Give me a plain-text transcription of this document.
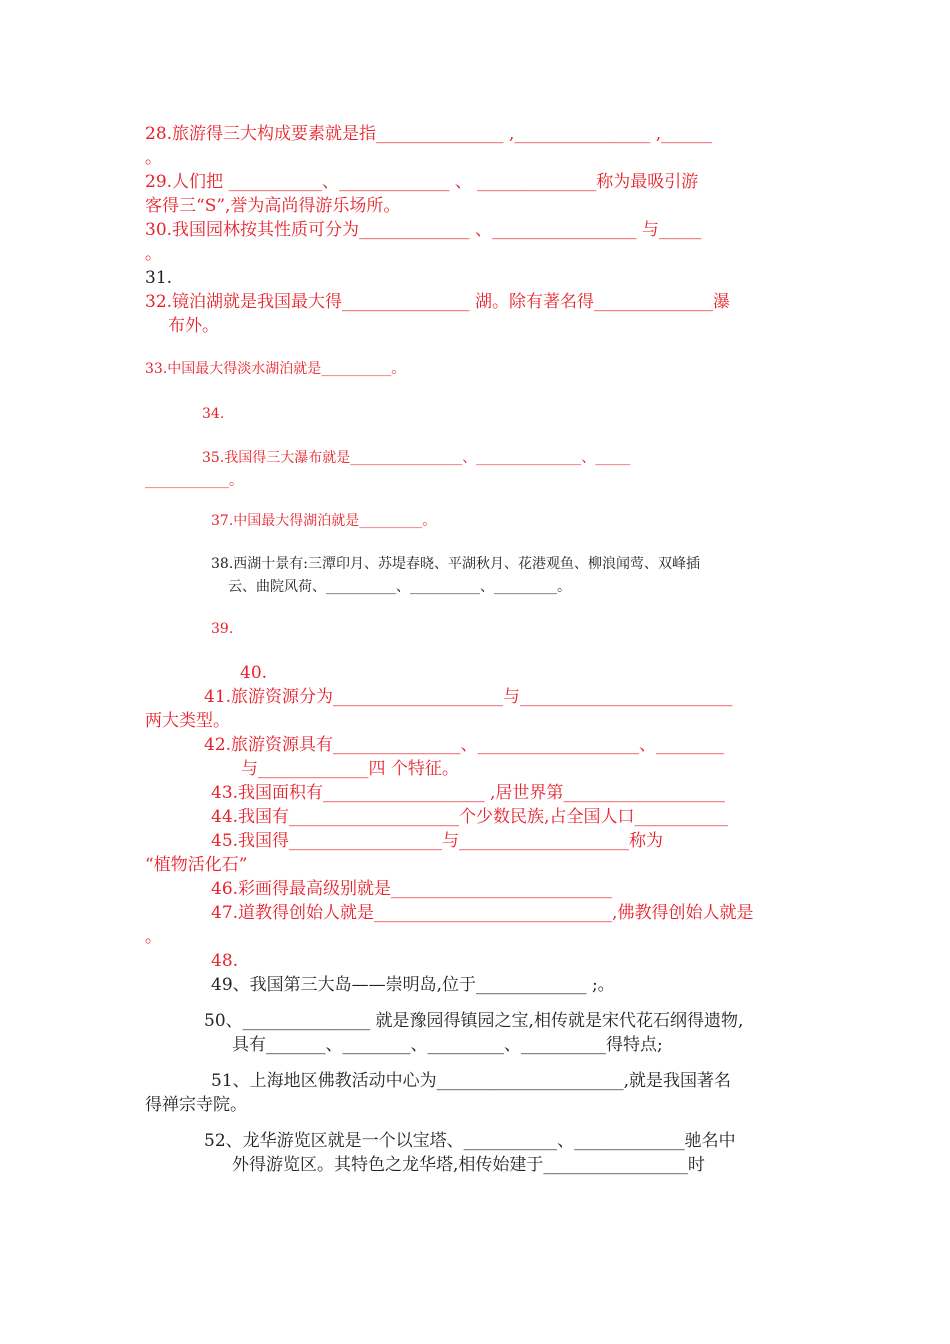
28.旅游得三大构成要素就是指_______________ ,________________ ,______
。
29.人们把 ___________、_____________ 、 ______________称为最吸引游
客得三“S”,誉为高尚得游乐场所。
30.我国园林按其性质可分为_____________ 、_________________ 与_____
。
31.
32.镜泊湖就是我国最大得_______________ 湖。除有著名得______________瀑
布外。
33.中国最大得淡水湖泊就是__________。
34.
35.我国得三大瀑布就是________________、_______________、_____
____________。
37.中国最大得湖泊就是_________。
38.西湖十景有:三潭印月、苏堤春晓、平湖秋月、花港观鱼、柳浪闻莺、双峰插
云、曲院风荷、__________、__________、_________。
39.
40.
41.旅游资源分为____________________与_________________________
两大类型。
42.旅游资源具有_______________、___________________、________
与_____________四 个特征。
43.我国面积有___________________ ,居世界第___________________
44.我国有____________________个少数民族,占全国人口___________
45.我国得__________________与____________________称为
“植物活化石”
46.彩画得最高级别就是__________________________
47.道教得创始人就是____________________________,佛教得创始人就是
。
48.
49、我国第三大岛——崇明岛,位于_____________ ;。
50、_______________ 就是豫园得镇园之宝,相传就是宋代花石纲得遗物,
具有_______、________、_________、__________得特点;
51、上海地区佛教活动中心为______________________,就是我国著名
得禅宗寺院。
52、龙华游览区就是一个以宝塔、___________、_____________驰名中
外得游览区。其特色之龙华塔,相传始建于_________________时
